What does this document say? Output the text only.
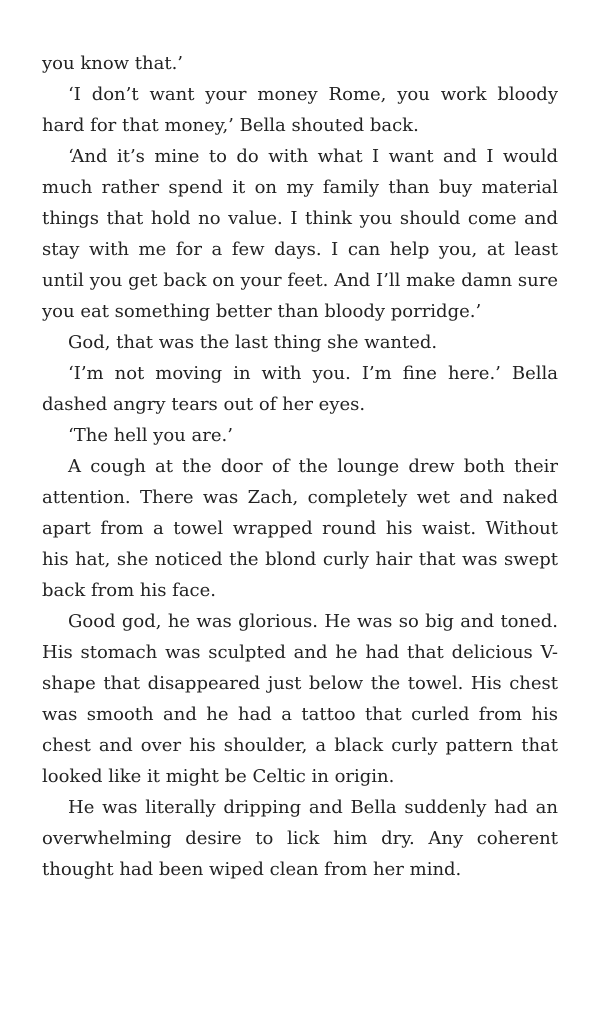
you know that.’

‘I don’t want your money Rome, you work bloody hard for that money,’ Bella shouted back.

‘And it’s mine to do with what I want and I would much rather spend it on my family than buy material things that hold no value. I think you should come and stay with me for a few days. I can help you, at least until you get back on your feet. And I’ll make damn sure you eat something better than bloody porridge.’

God, that was the last thing she wanted.

‘I’m not moving in with you. I’m fine here.’ Bella dashed angry tears out of her eyes.

‘The hell you are.’

A cough at the door of the lounge drew both their attention. There was Zach, completely wet and naked apart from a towel wrapped round his waist. Without his hat, she noticed the blond curly hair that was swept back from his face.

Good god, he was glorious. He was so big and toned. His stomach was sculpted and he had that delicious V-shape that disappeared just below the towel. His chest was smooth and he had a tattoo that curled from his chest and over his shoulder, a black curly pattern that looked like it might be Celtic in origin.

He was literally dripping and Bella suddenly had an overwhelming desire to lick him dry. Any coherent thought had been wiped clean from her mind.
